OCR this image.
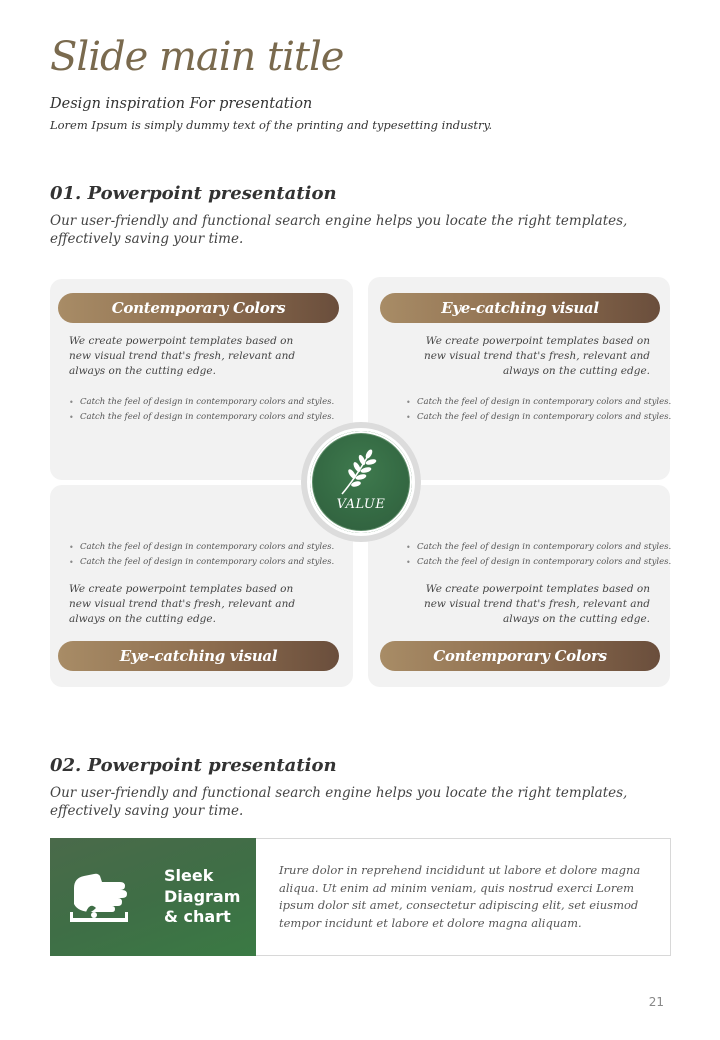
Slide main title
Design inspiration For presentation
Lorem Ipsum is simply dummy text of the printing and typesetting industry.
01. Powerpoint presentation
Our user-friendly and functional search engine helps you locate the right templates, effectively saving your time.
Contemporary Colors
We create powerpoint templates based on new visual trend that's fresh, relevant and always on the cutting edge.
• Catch the feel of design in contemporary colors and styles.
• Catch the feel of design in contemporary colors and styles.
Eye-catching visual
We create powerpoint templates based on new visual trend that's fresh, relevant and always on the cutting edge.
• Catch the feel of design in contemporary colors and styles.
• Catch the feel of design in contemporary colors and styles.
• Catch the feel of design in contemporary colors and styles.
• Catch the feel of design in contemporary colors and styles.
We create powerpoint templates based on new visual trend that's fresh, relevant and always on the cutting edge.
Eye-catching visual
• Catch the feel of design in contemporary colors and styles.
• Catch the feel of design in contemporary colors and styles.
We create powerpoint templates based on new visual trend that's fresh, relevant and always on the cutting edge.
Contemporary Colors
VALUE
02. Powerpoint presentation
Our user-friendly and functional search engine helps you locate the right templates, effectively saving your time.
Sleek Diagram & chart
Irure dolor in reprehend incididunt ut labore et dolore magna aliqua. Ut enim ad minim veniam, quis nostrud exerci Lorem ipsum dolor sit amet, consectetur adipiscing elit, set eiusmod tempor incidunt et labore et dolore magna aliquam.
21
